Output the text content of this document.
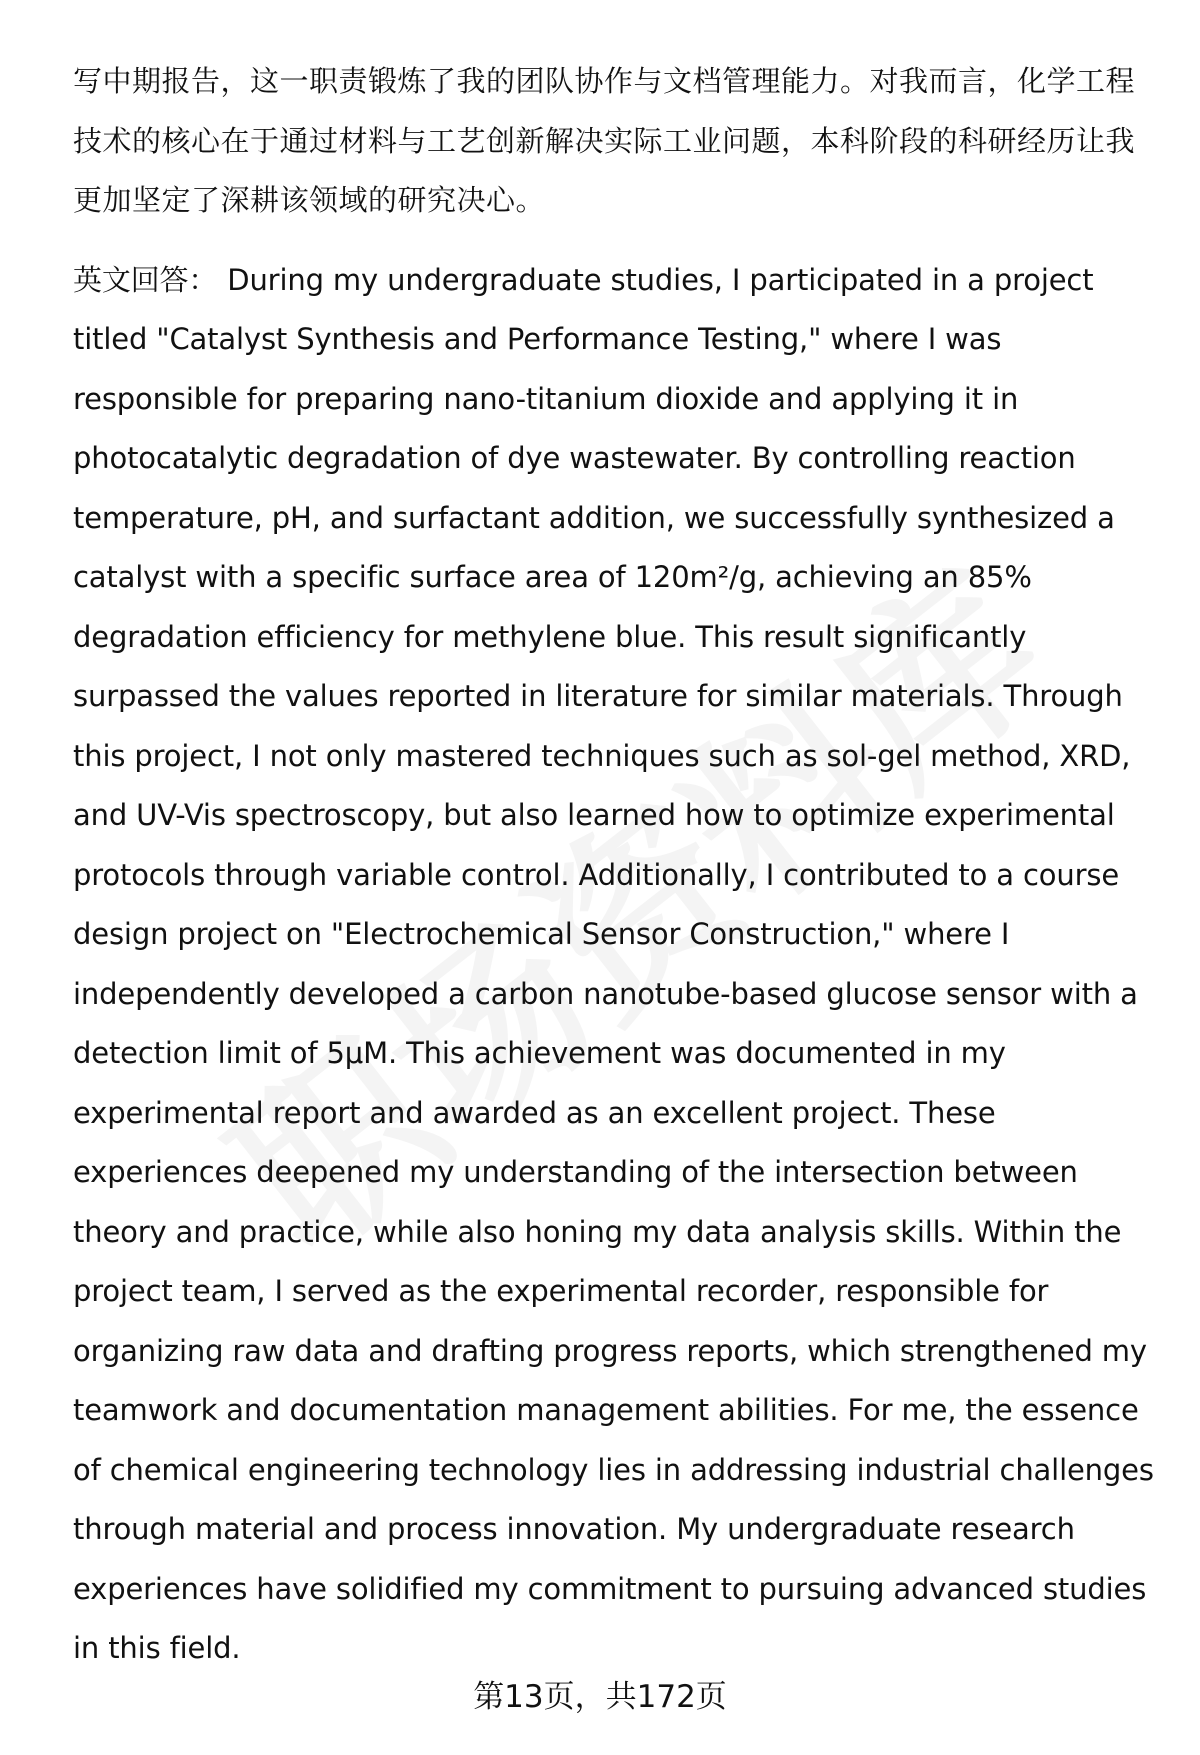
写中期报告，这一职责锻炼了我的团队协作与文档管理能力。对我而言，化学工程技术的核心在于通过材料与工艺创新解决实际工业问题，本科阶段的科研经历让我更加坚定了深耕该领域的研究决心。

英文回答： During my undergraduate studies, I participated in a project titled "Catalyst Synthesis and Performance Testing," where I was responsible for preparing nano-titanium dioxide and applying it in photocatalytic degradation of dye wastewater. By controlling reaction temperature, pH, and surfactant addition, we successfully synthesized a catalyst with a specific surface area of 120m²/g, achieving an 85% degradation efficiency for methylene blue. This result significantly surpassed the values reported in literature for similar materials. Through this project, I not only mastered techniques such as sol-gel method, XRD, and UV-Vis spectroscopy, but also learned how to optimize experimental protocols through variable control. Additionally, I contributed to a course design project on "Electrochemical Sensor Construction," where I independently developed a carbon nanotube-based glucose sensor with a detection limit of 5μM. This achievement was documented in my experimental report and awarded as an excellent project. These experiences deepened my understanding of the intersection between theory and practice, while also honing my data analysis skills. Within the project team, I served as the experimental recorder, responsible for organizing raw data and drafting progress reports, which strengthened my teamwork and documentation management abilities. For me, the essence of chemical engineering technology lies in addressing industrial challenges through material and process innovation. My undergraduate research experiences have solidified my commitment to pursuing advanced studies in this field.

第13页，共172页
